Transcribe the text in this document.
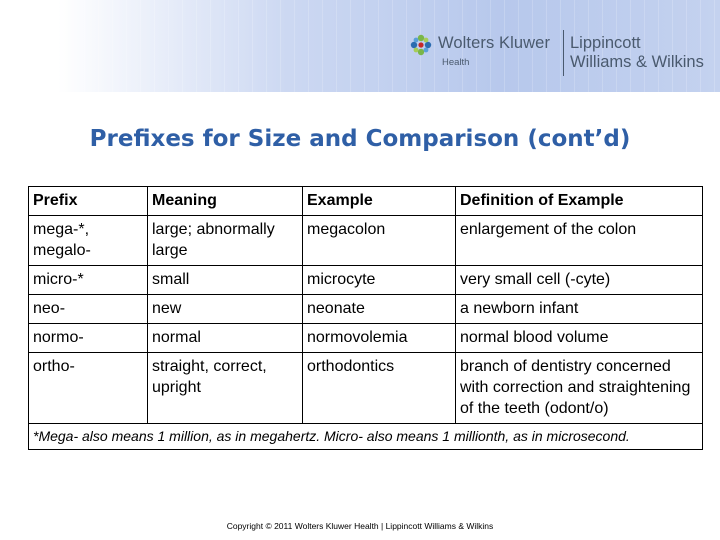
Wolters Kluwer
Health
Lippincott
Williams & Wilkins
Prefixes for Size and Comparison (cont’d)
Prefix	Meaning	Example	Definition of Example
mega-*, megalo-	large; abnormally large	megacolon	enlargement of the colon
micro-*	small	microcyte	very small cell (-cyte)
neo-	new	neonate	a newborn infant
normo-	normal	normovolemia	normal blood volume
ortho-	straight, correct, upright	orthodontics	branch of dentistry concerned with correction and straightening of the teeth (odont/o)
*Mega- also means 1 million, as in megahertz. Micro- also means 1 millionth, as in microsecond.			
Copyright © 2011 Wolters Kluwer Health | Lippincott Williams & Wilkins
